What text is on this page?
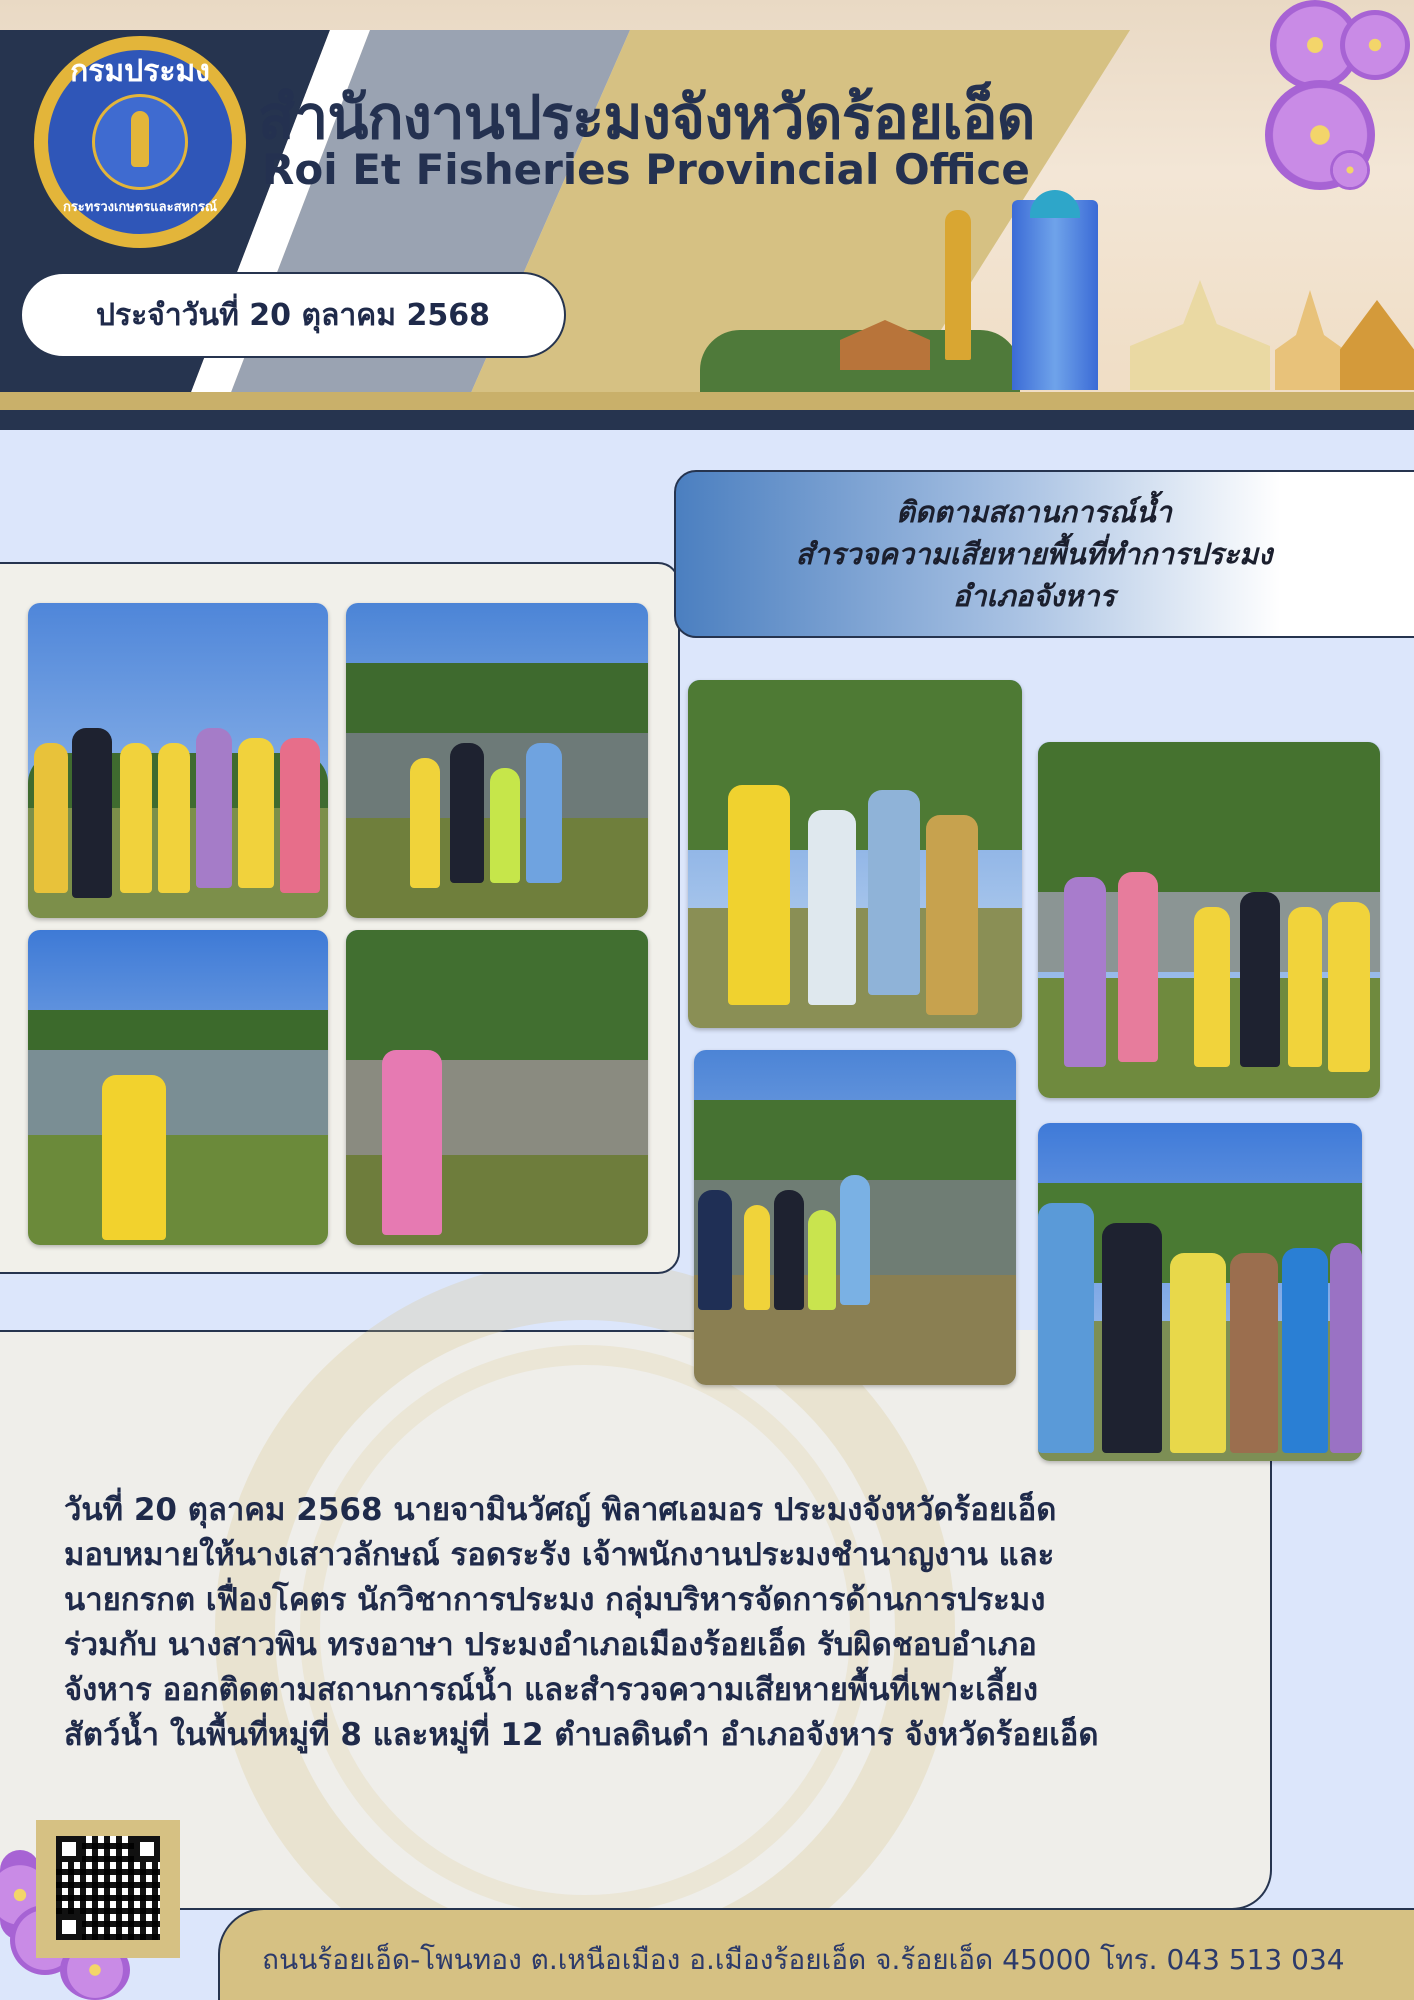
กรมประมง
กระทรวงเกษตรและสหกรณ์
สำนักงานประมงจังหวัดร้อยเอ็ด
Roi Et Fisheries Provincial Office
ประจำวันที่ 20 ตุลาคม 2568
ติดตามสถานการณ์น้ำ
สำรวจความเสียหายพื้นที่ทำการประมง
อำเภอจังหาร
วันที่ 20 ตุลาคม 2568 นายจามินวัศญ์ พิลาศเอมอร ประมงจังหวัดร้อยเอ็ด
มอบหมายให้นางเสาวลักษณ์ รอดระรัง เจ้าพนักงานประมงชำนาญงาน และ
นายกรกต เฟื่องโคตร นักวิชาการประมง กลุ่มบริหารจัดการด้านการประมง
ร่วมกับ นางสาวพิน ทรงอาษา ประมงอำเภอเมืองร้อยเอ็ด รับผิดชอบอำเภอ
จังหาร ออกติดตามสถานการณ์น้ำ และสำรวจความเสียหายพื้นที่เพาะเลี้ยง
สัตว์น้ำ ในพื้นที่หมู่ที่ 8 และหมู่ที่ 12 ตำบลดินดำ อำเภอจังหาร จังหวัดร้อยเอ็ด
ถนนร้อยเอ็ด-โพนทอง ต.เหนือเมือง อ.เมืองร้อยเอ็ด จ.ร้อยเอ็ด 45000 โทร. 043 513 034
